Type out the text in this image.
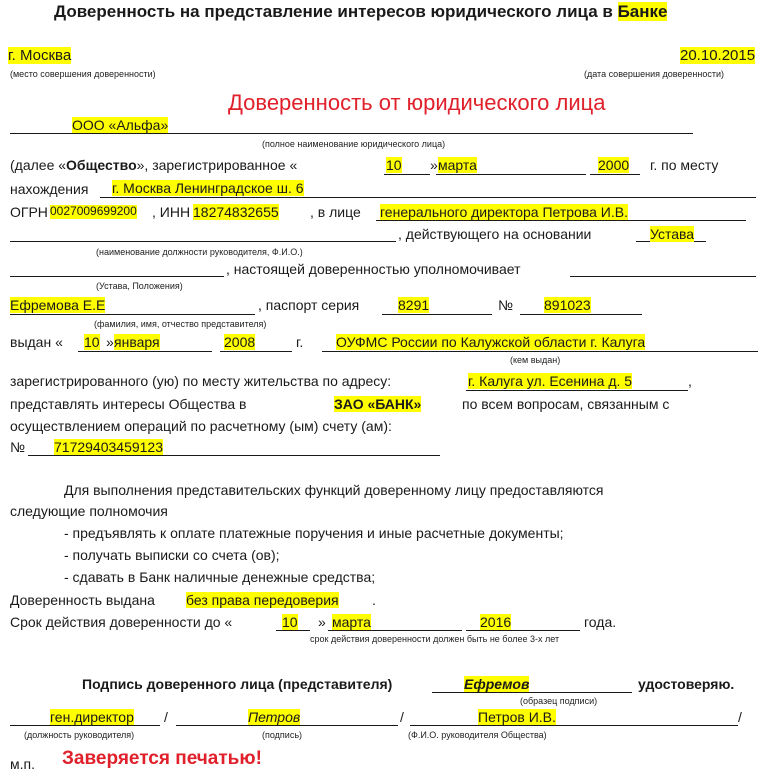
Доверенность на представление интересов юридического лица в Банке
г. Москва
(место совершения доверенности)
20.10.2015
(дата совершения доверенности)
Доверенность от юридического лица
ООО «Альфа»
(полное наименование юридического лица)
(далее «Общество», зарегистрированное «	10 » марта	2000 г. по месту
нахождения г. Москва Ленинградское ш. 6
ОГРН 0027009699200 , ИНН 18274832655 , в лице генерального директора Петрова И.В.
, действующего на основании	Устава
(наименование должности руководителя, Ф.И.О.)
, настоящей доверенностью уполномочивает
(Устава, Положения)
Ефремова Е.Е	, паспорт серия	8291	№ 891023
(фамилия, имя, отчество представителя)
выдан « 10 » января	2008	г. ОУФМС России по Калужской области г. Калуга
(кем выдан)
зарегистрированного (ую) по месту жительства по адресу:	г. Калуга ул. Есенина д. 5	,
представлять интересы Общества в	ЗАО «БАНК»	по всем вопросам, связанным с
осуществлением операций по расчетному (ым) счету (ам):
№ 71729403459123
Для выполнения представительских функций доверенному лицу предоставляются
следующие полномочия
- предъявлять к оплате платежные поручения и иные расчетные документы;
- получать выписки со счета (ов);
- сдавать в Банк наличные денежные средства;
Доверенность выдана без права передоверия .
Срок действия доверенности до «	10 » марта	2016	года.
срок действия доверенности должен быть не более 3-х лет
Подпись доверенного лица (представителя)	Ефремов	удостоверяю.
(образец подписи)
ген.директор /	Петров	/	Петров И.В.	/
(должность руководителя)	(подпись)	(Ф.И.О. руководителя Общества)
м.п. Заверяется печатью!
